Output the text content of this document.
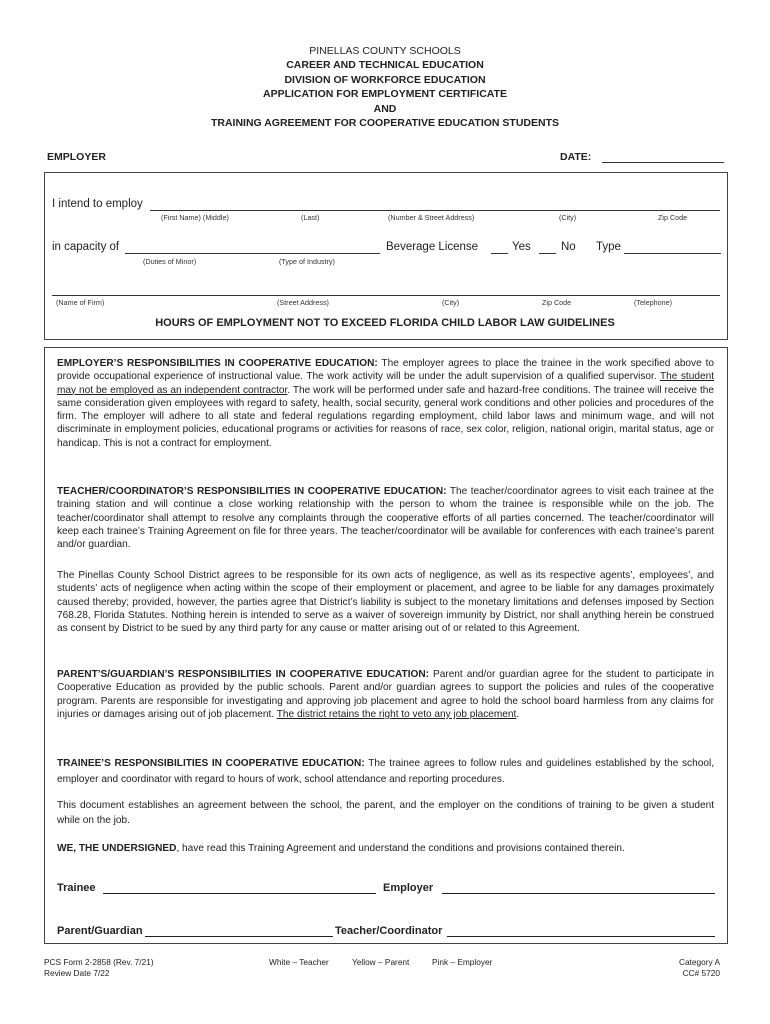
PINELLAS COUNTY SCHOOLS
CAREER AND TECHNICAL EDUCATION
DIVISION OF WORKFORCE EDUCATION
APPLICATION FOR EMPLOYMENT CERTIFICATE
AND
TRAINING AGREEMENT FOR COOPERATIVE EDUCATION STUDENTS
EMPLOYER	DATE:
I intend to employ
(First Name) (Middle)	(Last)	(Number & Street Address)	(City)	Zip Code
in capacity of	Beverage License	Yes	No Type
(Duties of Minor)	(Type of Industry)
(Name of Firm)	(Street Address)	(City)	Zip Code	(Telephone)
HOURS OF EMPLOYMENT NOT TO EXCEED FLORIDA CHILD LABOR LAW GUIDELINES
EMPLOYER’S RESPONSIBILITIES IN COOPERATIVE EDUCATION: The employer agrees to place the trainee in the work specified above to provide occupational experience of instructional value. The work activity will be under the adult supervision of a qualified supervisor. The student may not be employed as an independent contractor. The work will be performed under safe and hazard-free conditions. The trainee will receive the same consideration given employees with regard to safety, health, social security, general work conditions and other policies and procedures of the firm. The employer will adhere to all state and federal regulations regarding employment, child labor laws and minimum wage, and will not discriminate in employment policies, educational programs or activities for reasons of race, sex color, religion, national origin, marital status, age or handicap. This is not a contract for employment.
TEACHER/COORDINATOR’S RESPONSIBILITIES IN COOPERATIVE EDUCATION: The teacher/coordinator agrees to visit each trainee at the training station and will continue a close working relationship with the person to whom the trainee is responsible while on the job. The teacher/coordinator shall attempt to resolve any complaints through the cooperative efforts of all parties concerned. The teacher/coordinator will keep each trainee’s Training Agreement on file for three years. The teacher/coordinator will be available for conferences with each trainee’s parent and/or guardian.
The Pinellas County School District agrees to be responsible for its own acts of negligence, as well as its respective agents’, employees’, and students’ acts of negligence when acting within the scope of their employment or placement, and agree to be liable for any damages proximately caused thereby; provided, however, the parties agree that District’s liability is subject to the monetary limitations and defenses imposed by Section 768.28, Florida Statutes. Nothing herein is intended to serve as a waiver of sovereign immunity by District, nor shall anything herein be construed as consent by District to be sued by any third party for any cause or matter arising out of or related to this Agreement.
PARENT’S/GUARDIAN’S RESPONSIBILITIES IN COOPERATIVE EDUCATION: Parent and/or guardian agree for the student to participate in Cooperative Education as provided by the public schools. Parent and/or guardian agrees to support the policies and rules of the cooperative program. Parents are responsible for investigating and approving job placement and agree to hold the school board harmless from any claims for injuries or damages arising out of job placement. The district retains the right to veto any job placement.
TRAINEE’S RESPONSIBILITIES IN COOPERATIVE EDUCATION: The trainee agrees to follow rules and guidelines established by the school, employer and coordinator with regard to hours of work, school attendance and reporting procedures.
This document establishes an agreement between the school, the parent, and the employer on the conditions of training to be given a student while on the job.
WE, THE UNDERSIGNED, have read this Training Agreement and understand the conditions and provisions contained therein.
Trainee	Employer
Parent/Guardian	Teacher/Coordinator
PCS Form 2-2858 (Rev. 7/21)
Review Date 7/22
White – Teacher	Yellow – Parent	Pink – Employer	Category A
CC# 5720
